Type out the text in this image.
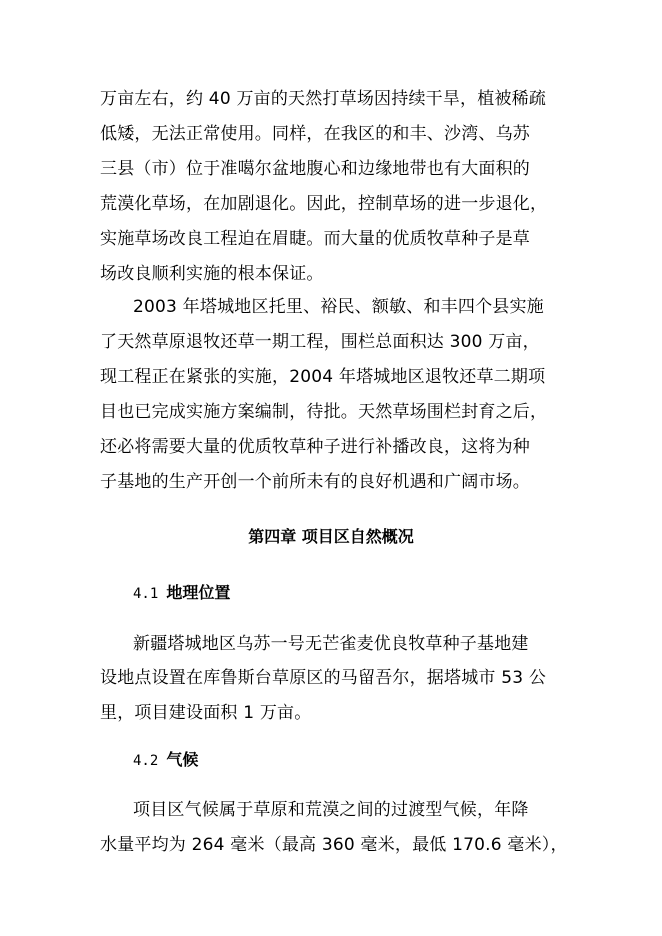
万亩左右，约 40 万亩的天然打草场因持续干旱，植被稀疏
低矮，无法正常使用。同样，在我区的和丰、沙湾、乌苏
三县（市）位于准噶尔盆地腹心和边缘地带也有大面积的
荒漠化草场，在加剧退化。因此，控制草场的进一步退化，
实施草场改良工程迫在眉睫。而大量的优质牧草种子是草
场改良顺利实施的根本保证。
2003 年塔城地区托里、裕民、额敏、和丰四个县实施
了天然草原退牧还草一期工程，围栏总面积达 300 万亩，
现工程正在紧张的实施，2004 年塔城地区退牧还草二期项
目也已完成实施方案编制，待批。天然草场围栏封育之后，
还必将需要大量的优质牧草种子进行补播改良，这将为种
子基地的生产开创一个前所未有的良好机遇和广阔市场。
第四章 项目区自然概况
4.1 地理位置
新疆塔城地区乌苏一号无芒雀麦优良牧草种子基地建
设地点设置在库鲁斯台草原区的马留吾尔，据塔城市 53 公
里，项目建设面积 1 万亩。
4.2 气候
项目区气候属于草原和荒漠之间的过渡型气候，年降
水量平均为 264 毫米（最高 360 毫米，最低 170.6 毫米），
